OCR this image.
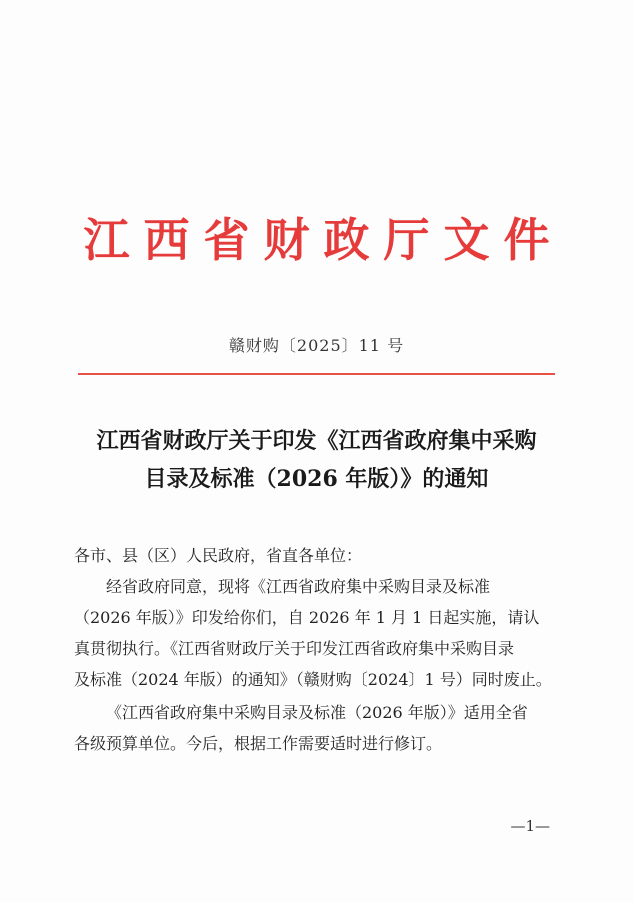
江西省财政厅文件
赣财购〔2025〕11 号
江西省财政厅关于印发《江西省政府集中采购
目录及标准（2026 年版）》的通知

各市、县（区）人民政府，省直各单位：

经省政府同意，现将《江西省政府集中采购目录及标准

（2026 年版）》印发给你们，自 2026 年 1 月 1 日起实施，请认

真贯彻执行。《江西省财政厅关于印发江西省政府集中采购目录

及标准（2024 年版）的通知》（赣财购〔2024〕1 号）同时废止。

《江西省政府集中采购目录及标准（2026 年版）》适用全省

各级预算单位。今后，根据工作需要适时进行修订。

—1—
